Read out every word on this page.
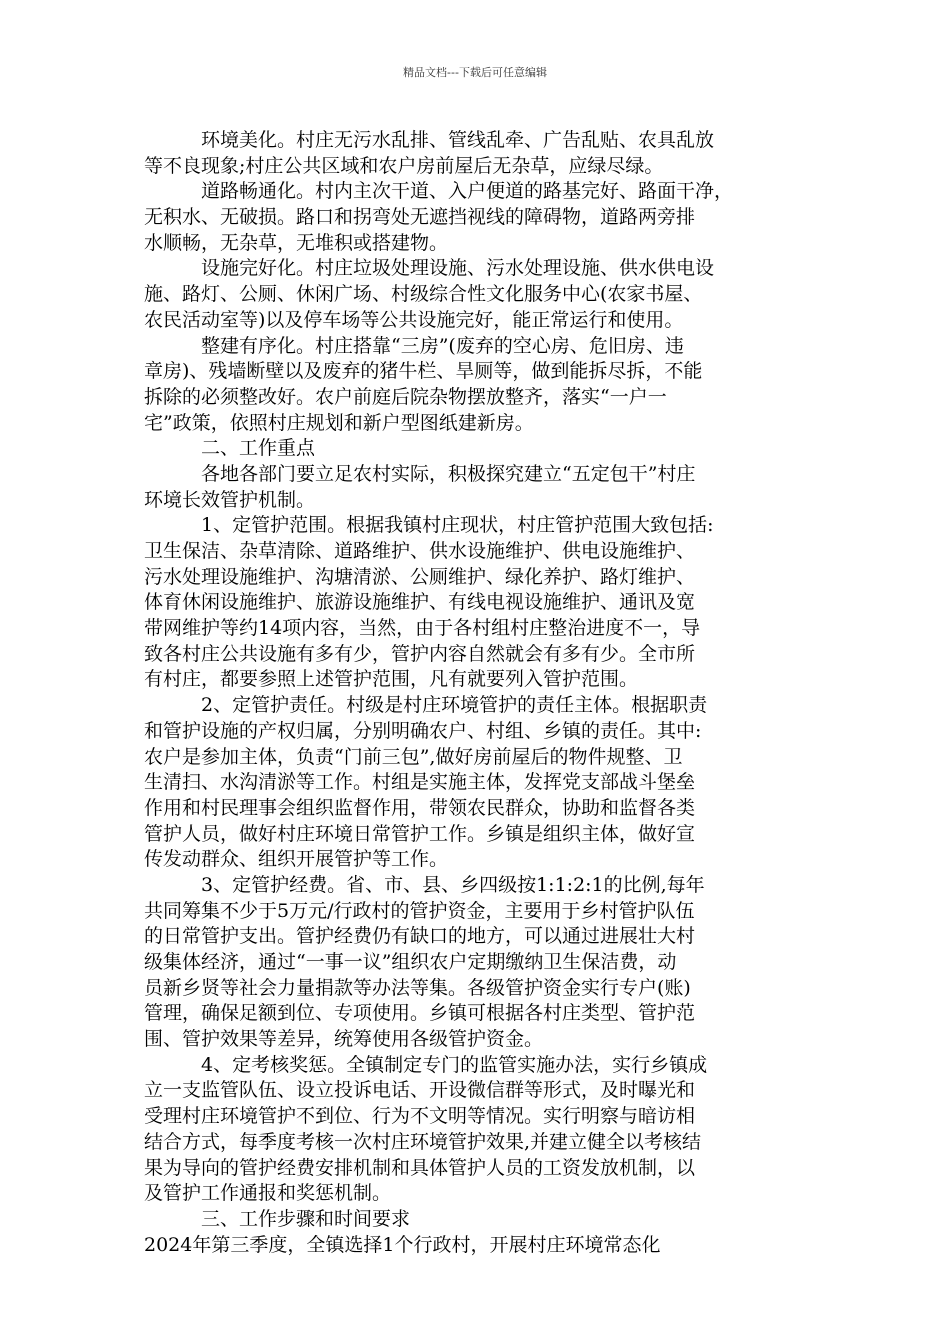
精品文档---下载后可任意编辑
环境美化。村庄无污水乱排、管线乱牵、广告乱贴、农具乱放
等不良现象;村庄公共区域和农户房前屋后无杂草，应绿尽绿。
道路畅通化。村内主次干道、入户便道的路基完好、路面干净，
无积水、无破损。路口和拐弯处无遮挡视线的障碍物，道路两旁排
水顺畅，无杂草，无堆积或搭建物。
设施完好化。村庄垃圾处理设施、污水处理设施、供水供电设
施、路灯、公厕、休闲广场、村级综合性文化服务中心(农家书屋、
农民活动室等)以及停车场等公共设施完好，能正常运行和使用。
整建有序化。村庄搭靠“三房”(废弃的空心房、危旧房、违
章房)、残墙断壁以及废弃的猪牛栏、旱厕等，做到能拆尽拆，不能
拆除的必须整改好。农户前庭后院杂物摆放整齐，落实“一户一
宅”政策，依照村庄规划和新户型图纸建新房。
二、工作重点
各地各部门要立足农村实际，积极探究建立“五定包干”村庄
环境长效管护机制。
1、定管护范围。根据我镇村庄现状，村庄管护范围大致包括:
卫生保洁、杂草清除、道路维护、供水设施维护、供电设施维护、
污水处理设施维护、沟塘清淤、公厕维护、绿化养护、路灯维护、
体育休闲设施维护、旅游设施维护、有线电视设施维护、通讯及宽
带网维护等约14项内容，当然，由于各村组村庄整治进度不一，导
致各村庄公共设施有多有少，管护内容自然就会有多有少。全市所
有村庄，都要参照上述管护范围，凡有就要列入管护范围。
2、定管护责任。村级是村庄环境管护的责任主体。根据职责
和管护设施的产权归属，分别明确农户、村组、乡镇的责任。其中:
农户是参加主体，负责“门前三包”,做好房前屋后的物件规整、卫
生清扫、水沟清淤等工作。村组是实施主体，发挥党支部战斗堡垒
作用和村民理事会组织监督作用，带领农民群众，协助和监督各类
管护人员，做好村庄环境日常管护工作。乡镇是组织主体，做好宣
传发动群众、组织开展管护等工作。
3、定管护经费。省、市、县、乡四级按1:1:2:1的比例,每年
共同筹集不少于5万元/行政村的管护资金，主要用于乡村管护队伍
的日常管护支出。管护经费仍有缺口的地方，可以通过进展壮大村
级集体经济，通过“一事一议”组织农户定期缴纳卫生保洁费，动
员新乡贤等社会力量捐款等办法等集。各级管护资金实行专户(账)
管理，确保足额到位、专项使用。乡镇可根据各村庄类型、管护范
围、管护效果等差异，统筹使用各级管护资金。
4、定考核奖惩。全镇制定专门的监管实施办法，实行乡镇成
立一支监管队伍、设立投诉电话、开设微信群等形式，及时曝光和
受理村庄环境管护不到位、行为不文明等情况。实行明察与暗访相
结合方式，每季度考核一次村庄环境管护效果,并建立健全以考核结
果为导向的管护经费安排机制和具体管护人员的工资发放机制，以
及管护工作通报和奖惩机制。
三、工作步骤和时间要求
2024年第三季度，全镇选择1个行政村，开展村庄环境常态化
